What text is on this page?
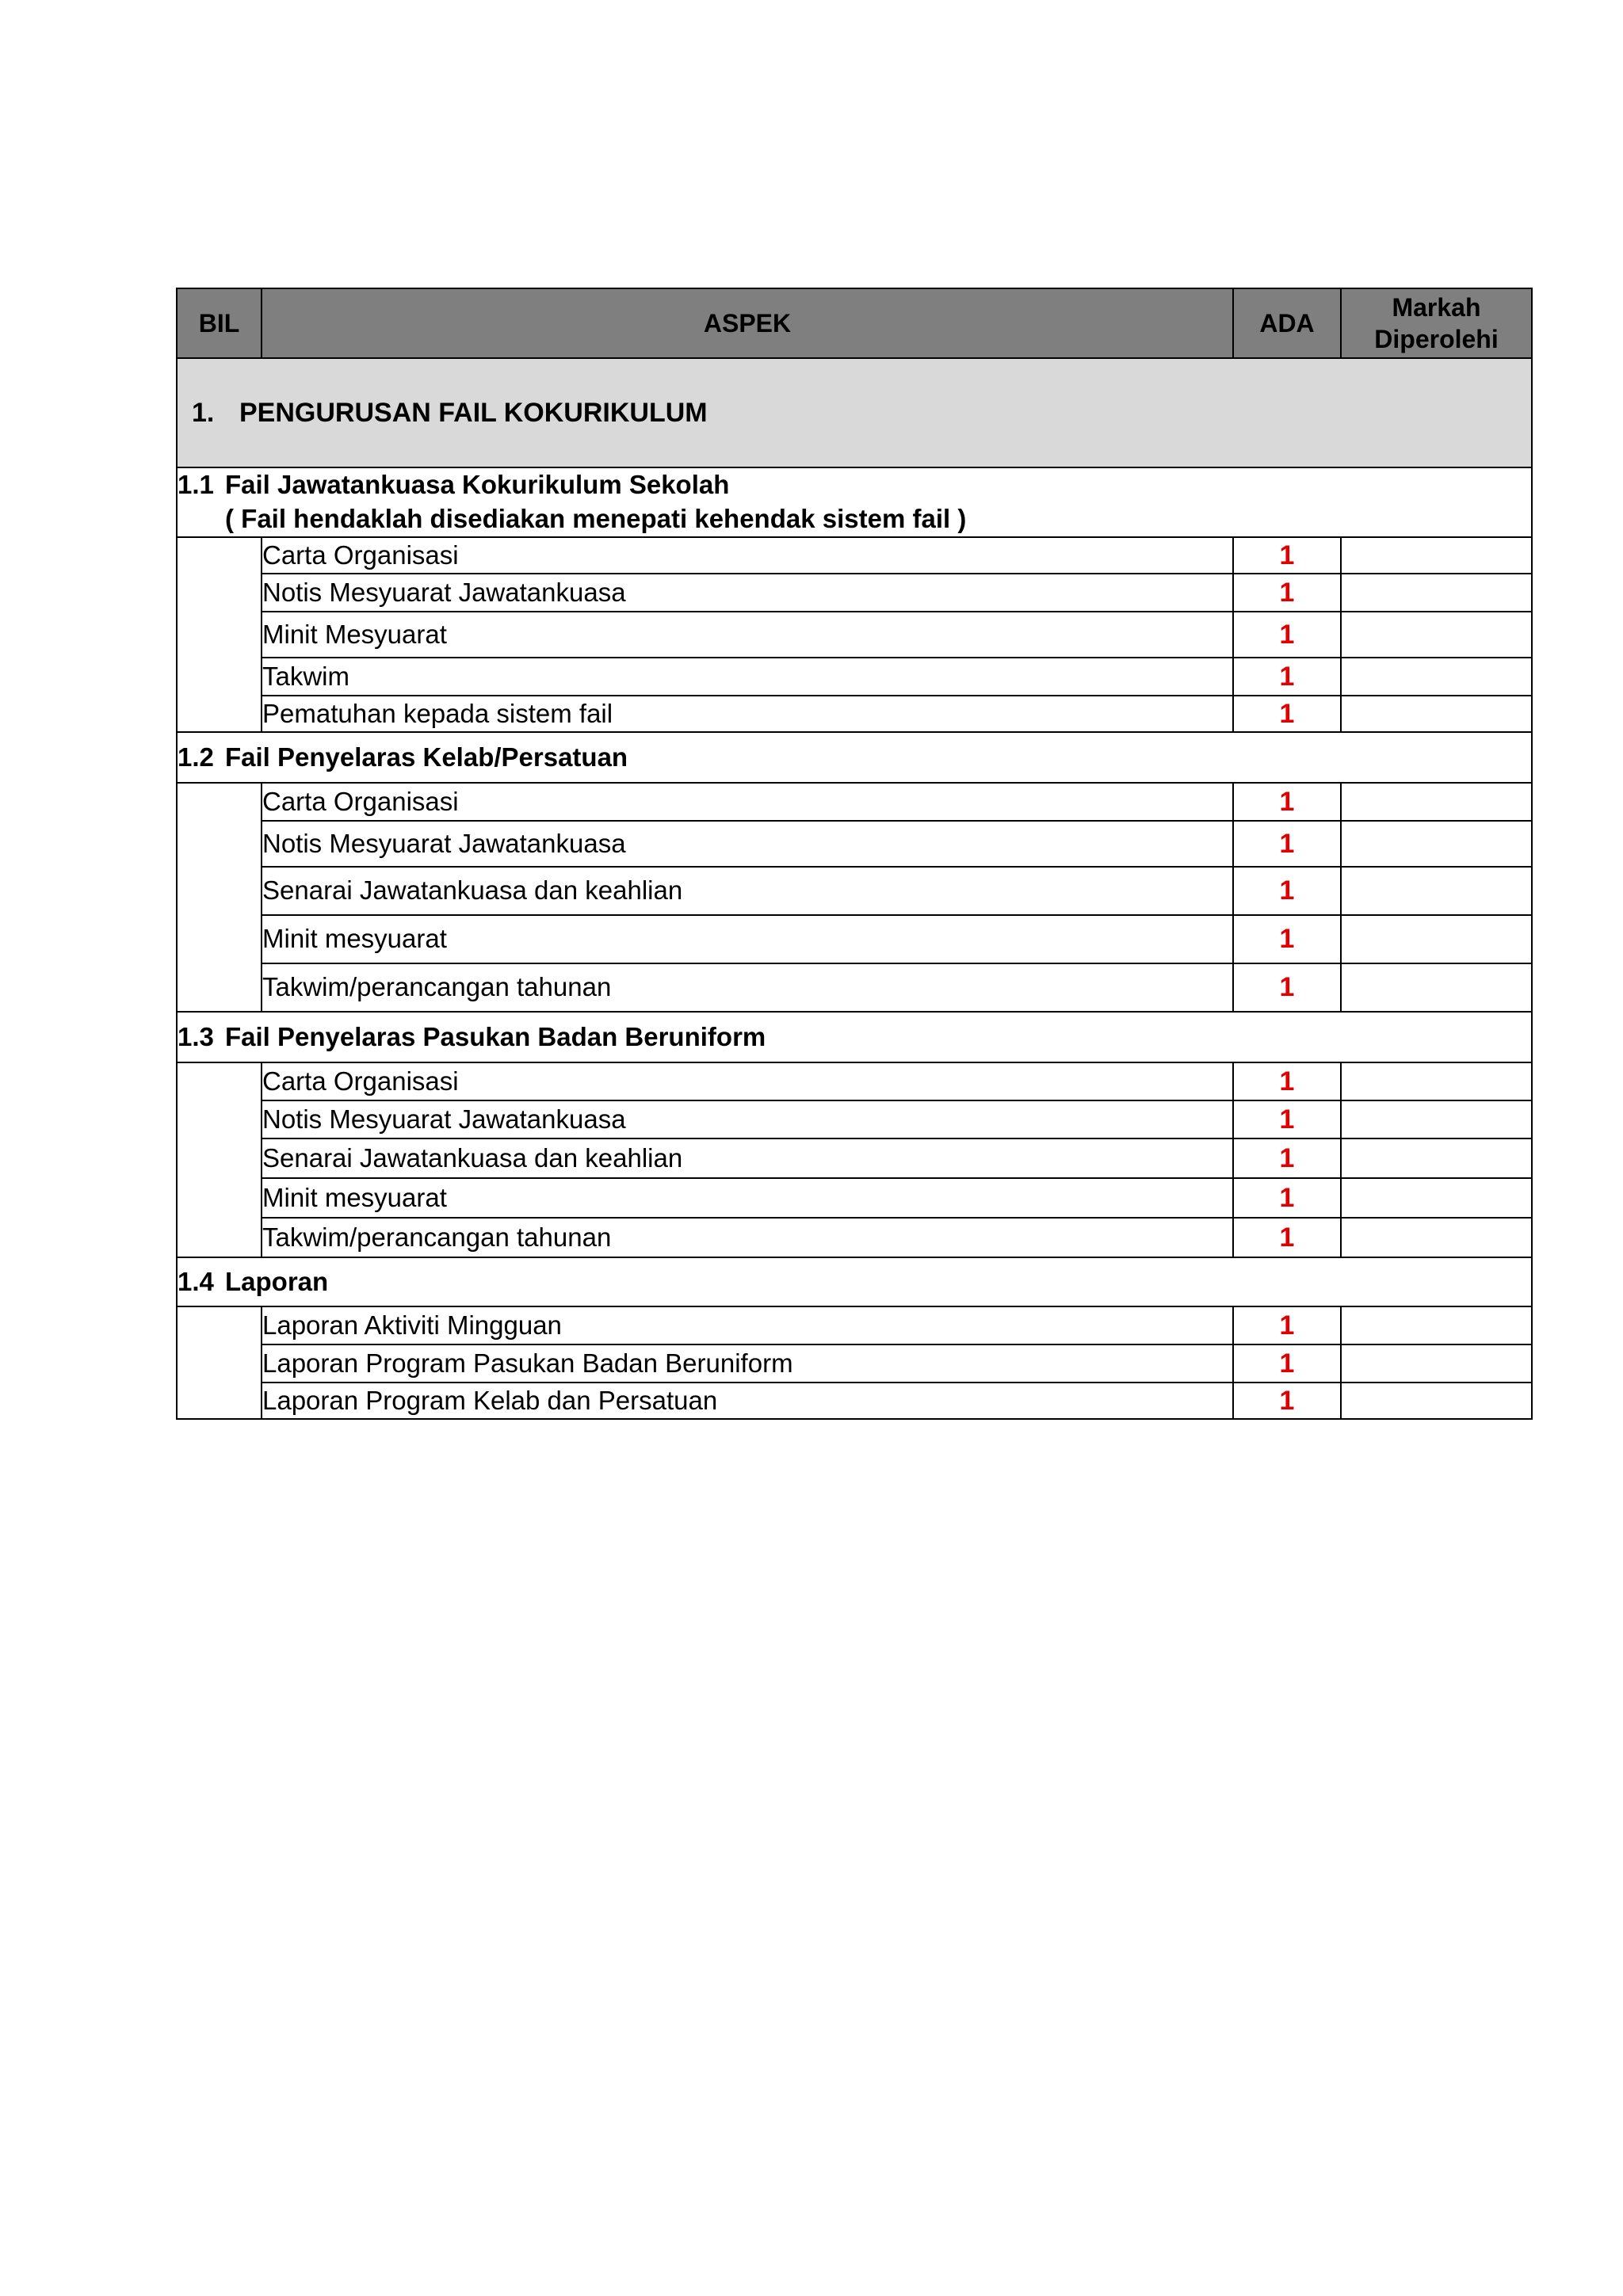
BIL	ASPEK	ADA	Markah
Diperolehi
1. PENGURUSAN FAIL KOKURIKULUM			
1.1 Fail Jawatankuasa Kokurikulum Sekolah
( Fail hendaklah disediakan menepati kehendak sistem fail )			

	Carta Organisasi	1	
	Notis Mesyuarat Jawatankuasa	1	
	Minit Mesyuarat	1	
	Takwim	1	
	Pematuhan kepada sistem fail	1	
1.2 Fail Penyelaras Kelab/Persatuan			
	Carta Organisasi	1	
	Notis Mesyuarat Jawatankuasa	1	
	Senarai Jawatankuasa dan keahlian	1	
	Minit mesyuarat	1	
	Takwim/perancangan tahunan	1	
1.3 Fail Penyelaras Pasukan Badan Beruniform			
	Carta Organisasi	1	
	Notis Mesyuarat Jawatankuasa	1	
	Senarai Jawatankuasa dan keahlian	1	
	Minit mesyuarat	1	
	Takwim/perancangan tahunan	1	
1.4 Laporan			
	Laporan Aktiviti Mingguan	1	
	Laporan Program Pasukan Badan Beruniform	1	
	Laporan Program Kelab dan Persatuan	1	
